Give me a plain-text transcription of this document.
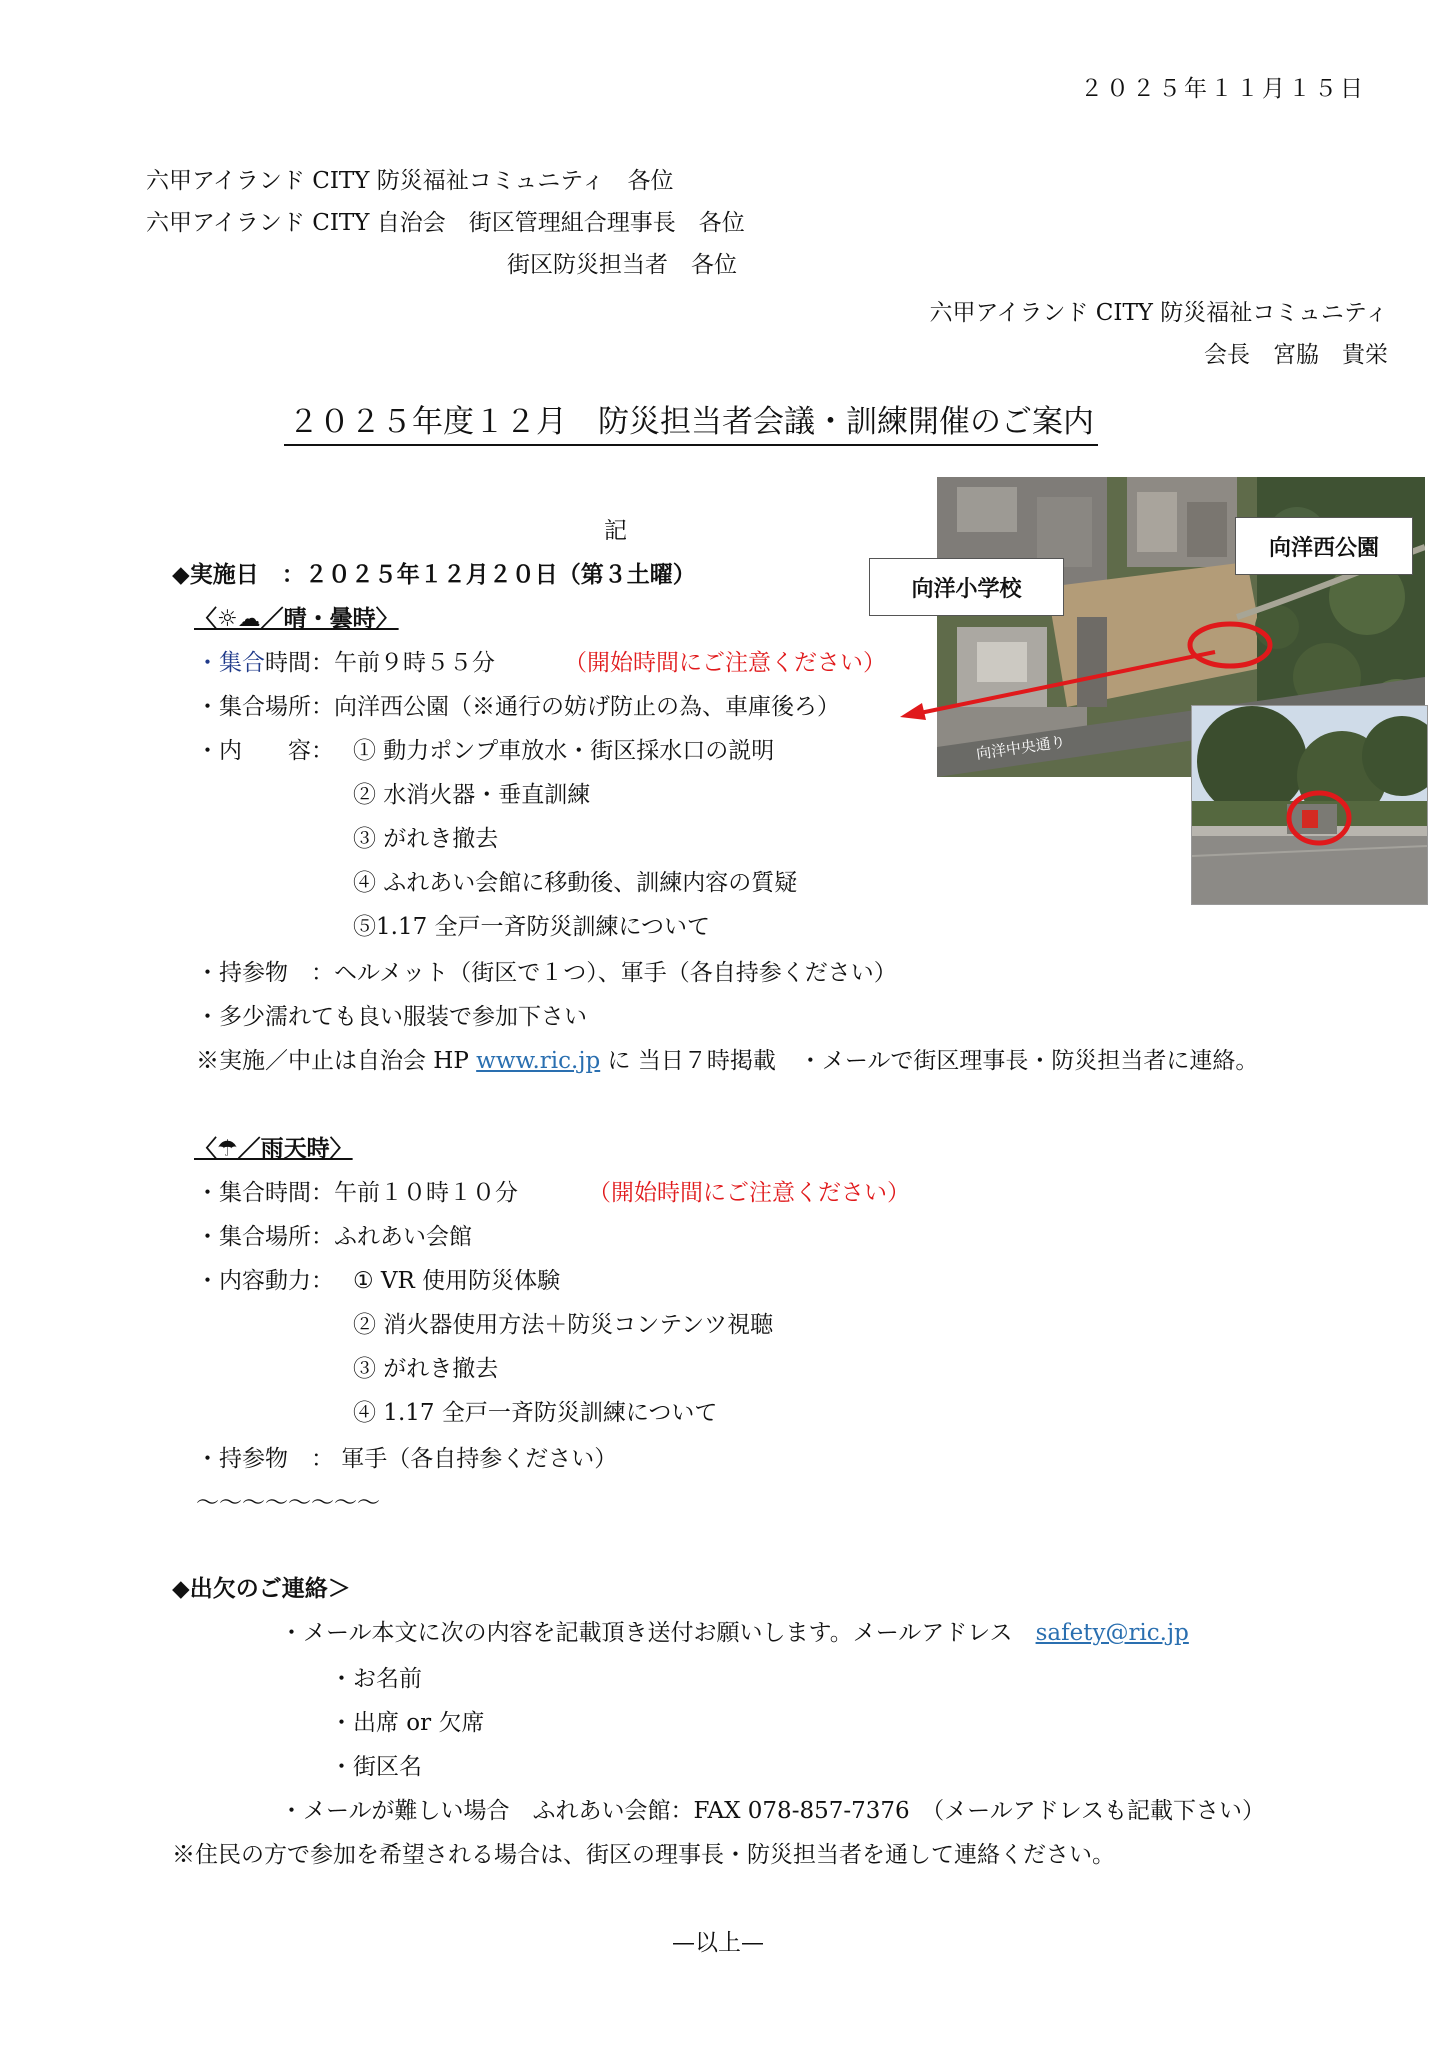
２０２５年１１月１５日
六甲アイランド CITY 防災福祉コミュニティ　各位
六甲アイランド CITY 自治会　街区管理組合理事長　各位
街区防災担当者　各位
六甲アイランド CITY 防災福祉コミュニティ
会長　宮脇　貴栄
２０２５年度１２月　防災担当者会議・訓練開催のご案内
記
◆実施日　：２０２５年１２月２０日（第３土曜）
〈☼☁／晴・曇時〉
・集合時間：午前９時５５分	（開始時間にご注意ください）
・集合場所：向洋西公園（※通行の妨げ防止の為、車庫後ろ）
・内　　容： ① 動力ポンプ車放水・街区採水口の説明
② 水消火器・垂直訓練
③ がれき撤去
④ ふれあい会館に移動後、訓練内容の質疑
⑤1.17 全戸一斉防災訓練について
・持参物　：ヘルメット（街区で１つ）、軍手（各自持参ください）
・多少濡れても良い服装で参加下さい
※実施／中止は自治会 HP www.ric.jp に 当日７時掲載　・メールで街区理事長・防災担当者に連絡。
〈☂／雨天時〉
・集合時間：午前１０時１０分	（開始時間にご注意ください）
・集合場所：ふれあい会館
・内容動力： ① VR 使用防災体験
② 消火器使用方法＋防災コンテンツ視聴
③ がれき撤去
④ 1.17 全戸一斉防災訓練について
・持参物　： 軍手（各自持参ください）
〜〜〜〜〜〜〜〜
◆出欠のご連絡＞
・メール本文に次の内容を記載頂き送付お願いします。メールアドレス　safety@ric.jp
・お名前
・出席 or 欠席
・街区名
・メールが難しい場合　ふれあい会館：FAX 078-857-7376　（メールアドレスも記載下さい）
※住民の方で参加を希望される場合は、街区の理事長・防災担当者を通して連絡ください。
—以上—
向洋中央通り
向洋小学校
向洋西公園
